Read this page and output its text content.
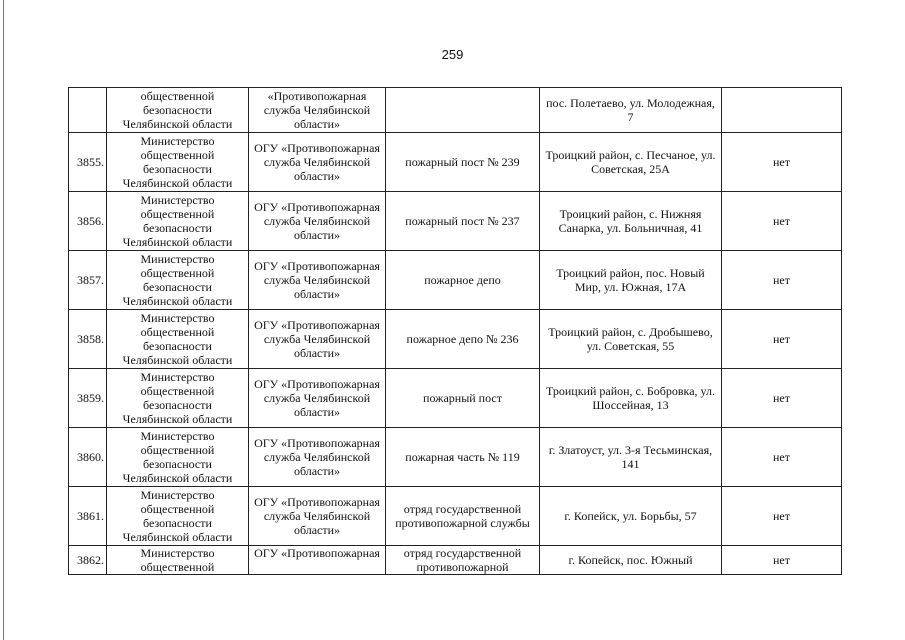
259
	общественной безопасности Челябинской области	«Противопожарная служба Челябинской области»		пос. Полетаево, ул. Молодежная, 7	
3855.	Министерство общественной безопасности Челябинской области	ОГУ «Противопожарная служба Челябинской области»	пожарный пост № 239	Троицкий район, с. Песчаное, ул. Советская, 25А	нет
3856.	Министерство общественной безопасности Челябинской области	ОГУ «Противопожарная служба Челябинской области»	пожарный пост № 237	Троицкий район, с. Нижняя Санарка, ул. Больничная, 41	нет
3857.	Министерство общественной безопасности Челябинской области	ОГУ «Противопожарная служба Челябинской области»	пожарное депо	Троицкий район, пос. Новый Мир, ул. Южная, 17А	нет
3858.	Министерство общественной безопасности Челябинской области	ОГУ «Противопожарная служба Челябинской области»	пожарное депо № 236	Троицкий район, с. Дробышево, ул. Советская, 55	нет
3859.	Министерство общественной безопасности Челябинской области	ОГУ «Противопожарная служба Челябинской области»	пожарный пост	Троицкий район, с. Бобровка, ул. Шоссейная, 13	нет
3860.	Министерство общественной безопасности Челябинской области	ОГУ «Противопожарная служба Челябинской области»	пожарная часть № 119	г. Златоуст, ул. 3-я Тесьминская, 141	нет
3861.	Министерство общественной безопасности Челябинской области	ОГУ «Противопожарная служба Челябинской области»	отряд государственной противопожарной службы	г. Копейск, ул. Борьбы, 57	нет
3862.	Министерство общественной	ОГУ «Противопожарная	отряд государственной противопожарной	г. Копейск, пос. Южный	нет
